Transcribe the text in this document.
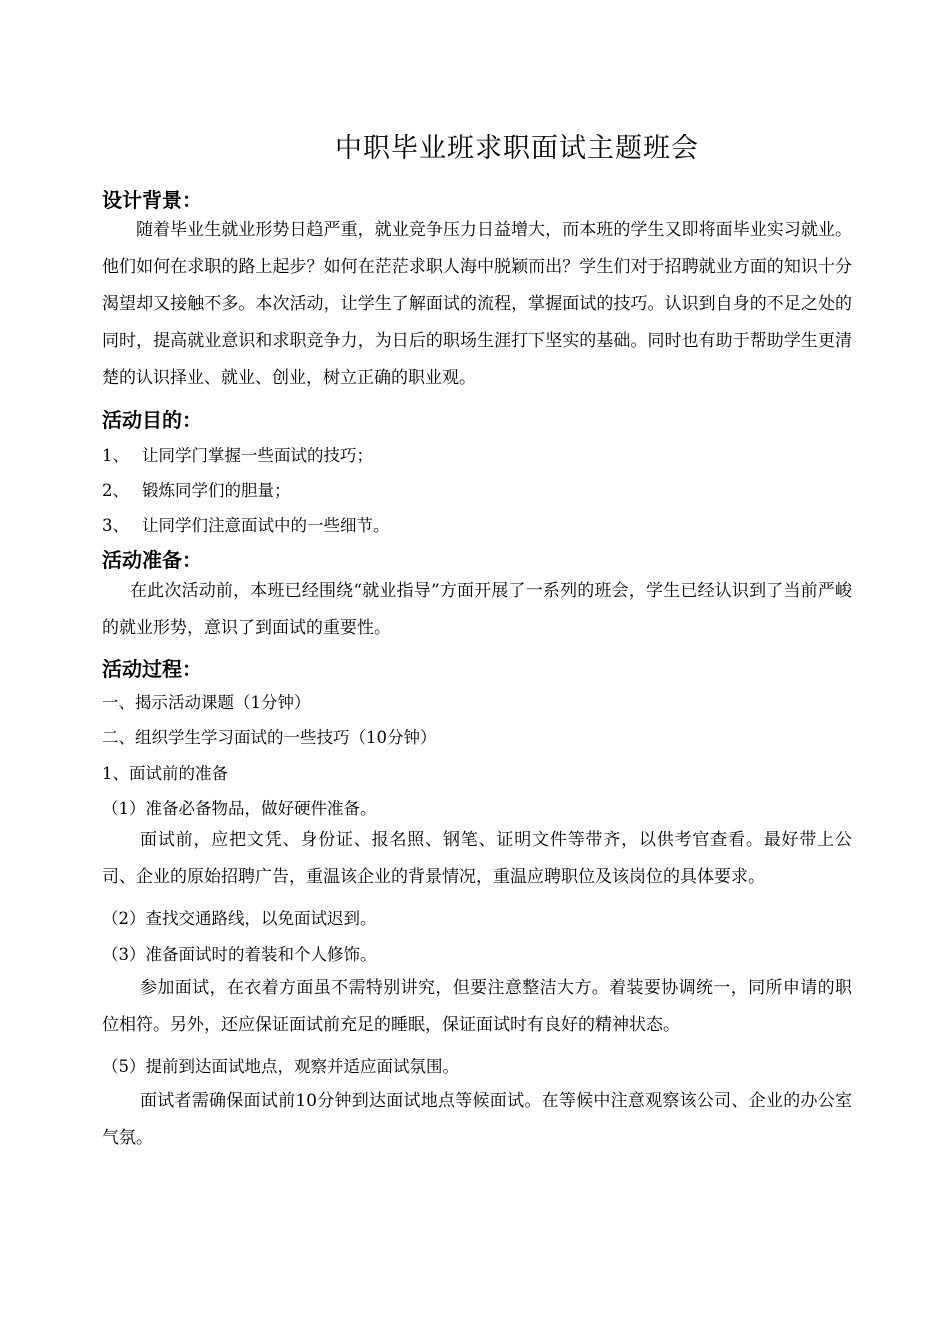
中职毕业班求职面试主题班会
设计背景：
随着毕业生就业形势日趋严重，就业竞争压力日益增大，而本班的学生又即将面毕业实习就业。他们如何在求职的路上起步？如何在茫茫求职人海中脱颖而出？学生们对于招聘就业方面的知识十分渴望却又接触不多。本次活动，让学生了解面试的流程，掌握面试的技巧。认识到自身的不足之处的同时，提高就业意识和求职竞争力，为日后的职场生涯打下坚实的基础。同时也有助于帮助学生更清楚的认识择业、就业、创业，树立正确的职业观。
活动目的：
1、 让同学门掌握一些面试的技巧；
2、 锻炼同学们的胆量；
3、 让同学们注意面试中的一些细节。
活动准备：
在此次活动前，本班已经围绕“就业指导”方面开展了一系列的班会，学生已经认识到了当前严峻的就业形势，意识了到面试的重要性。
活动过程：
一、揭示活动课题（1分钟）
二、组织学生学习面试的一些技巧（10分钟）
1、面试前的准备
（1）准备必备物品，做好硬件准备。
面试前，应把文凭、身份证、报名照、钢笔、证明文件等带齐，以供考官查看。最好带上公司、企业的原始招聘广告，重温该企业的背景情况，重温应聘职位及该岗位的具体要求。
（2）查找交通路线，以免面试迟到。
（3）准备面试时的着装和个人修饰。
参加面试，在衣着方面虽不需特别讲究，但要注意整洁大方。着装要协调统一，同所申请的职位相符。另外，还应保证面试前充足的睡眠，保证面试时有良好的精神状态。
（5）提前到达面试地点，观察并适应面试氛围。
面试者需确保面试前10分钟到达面试地点等候面试。在等候中注意观察该公司、企业的办公室气氛。
